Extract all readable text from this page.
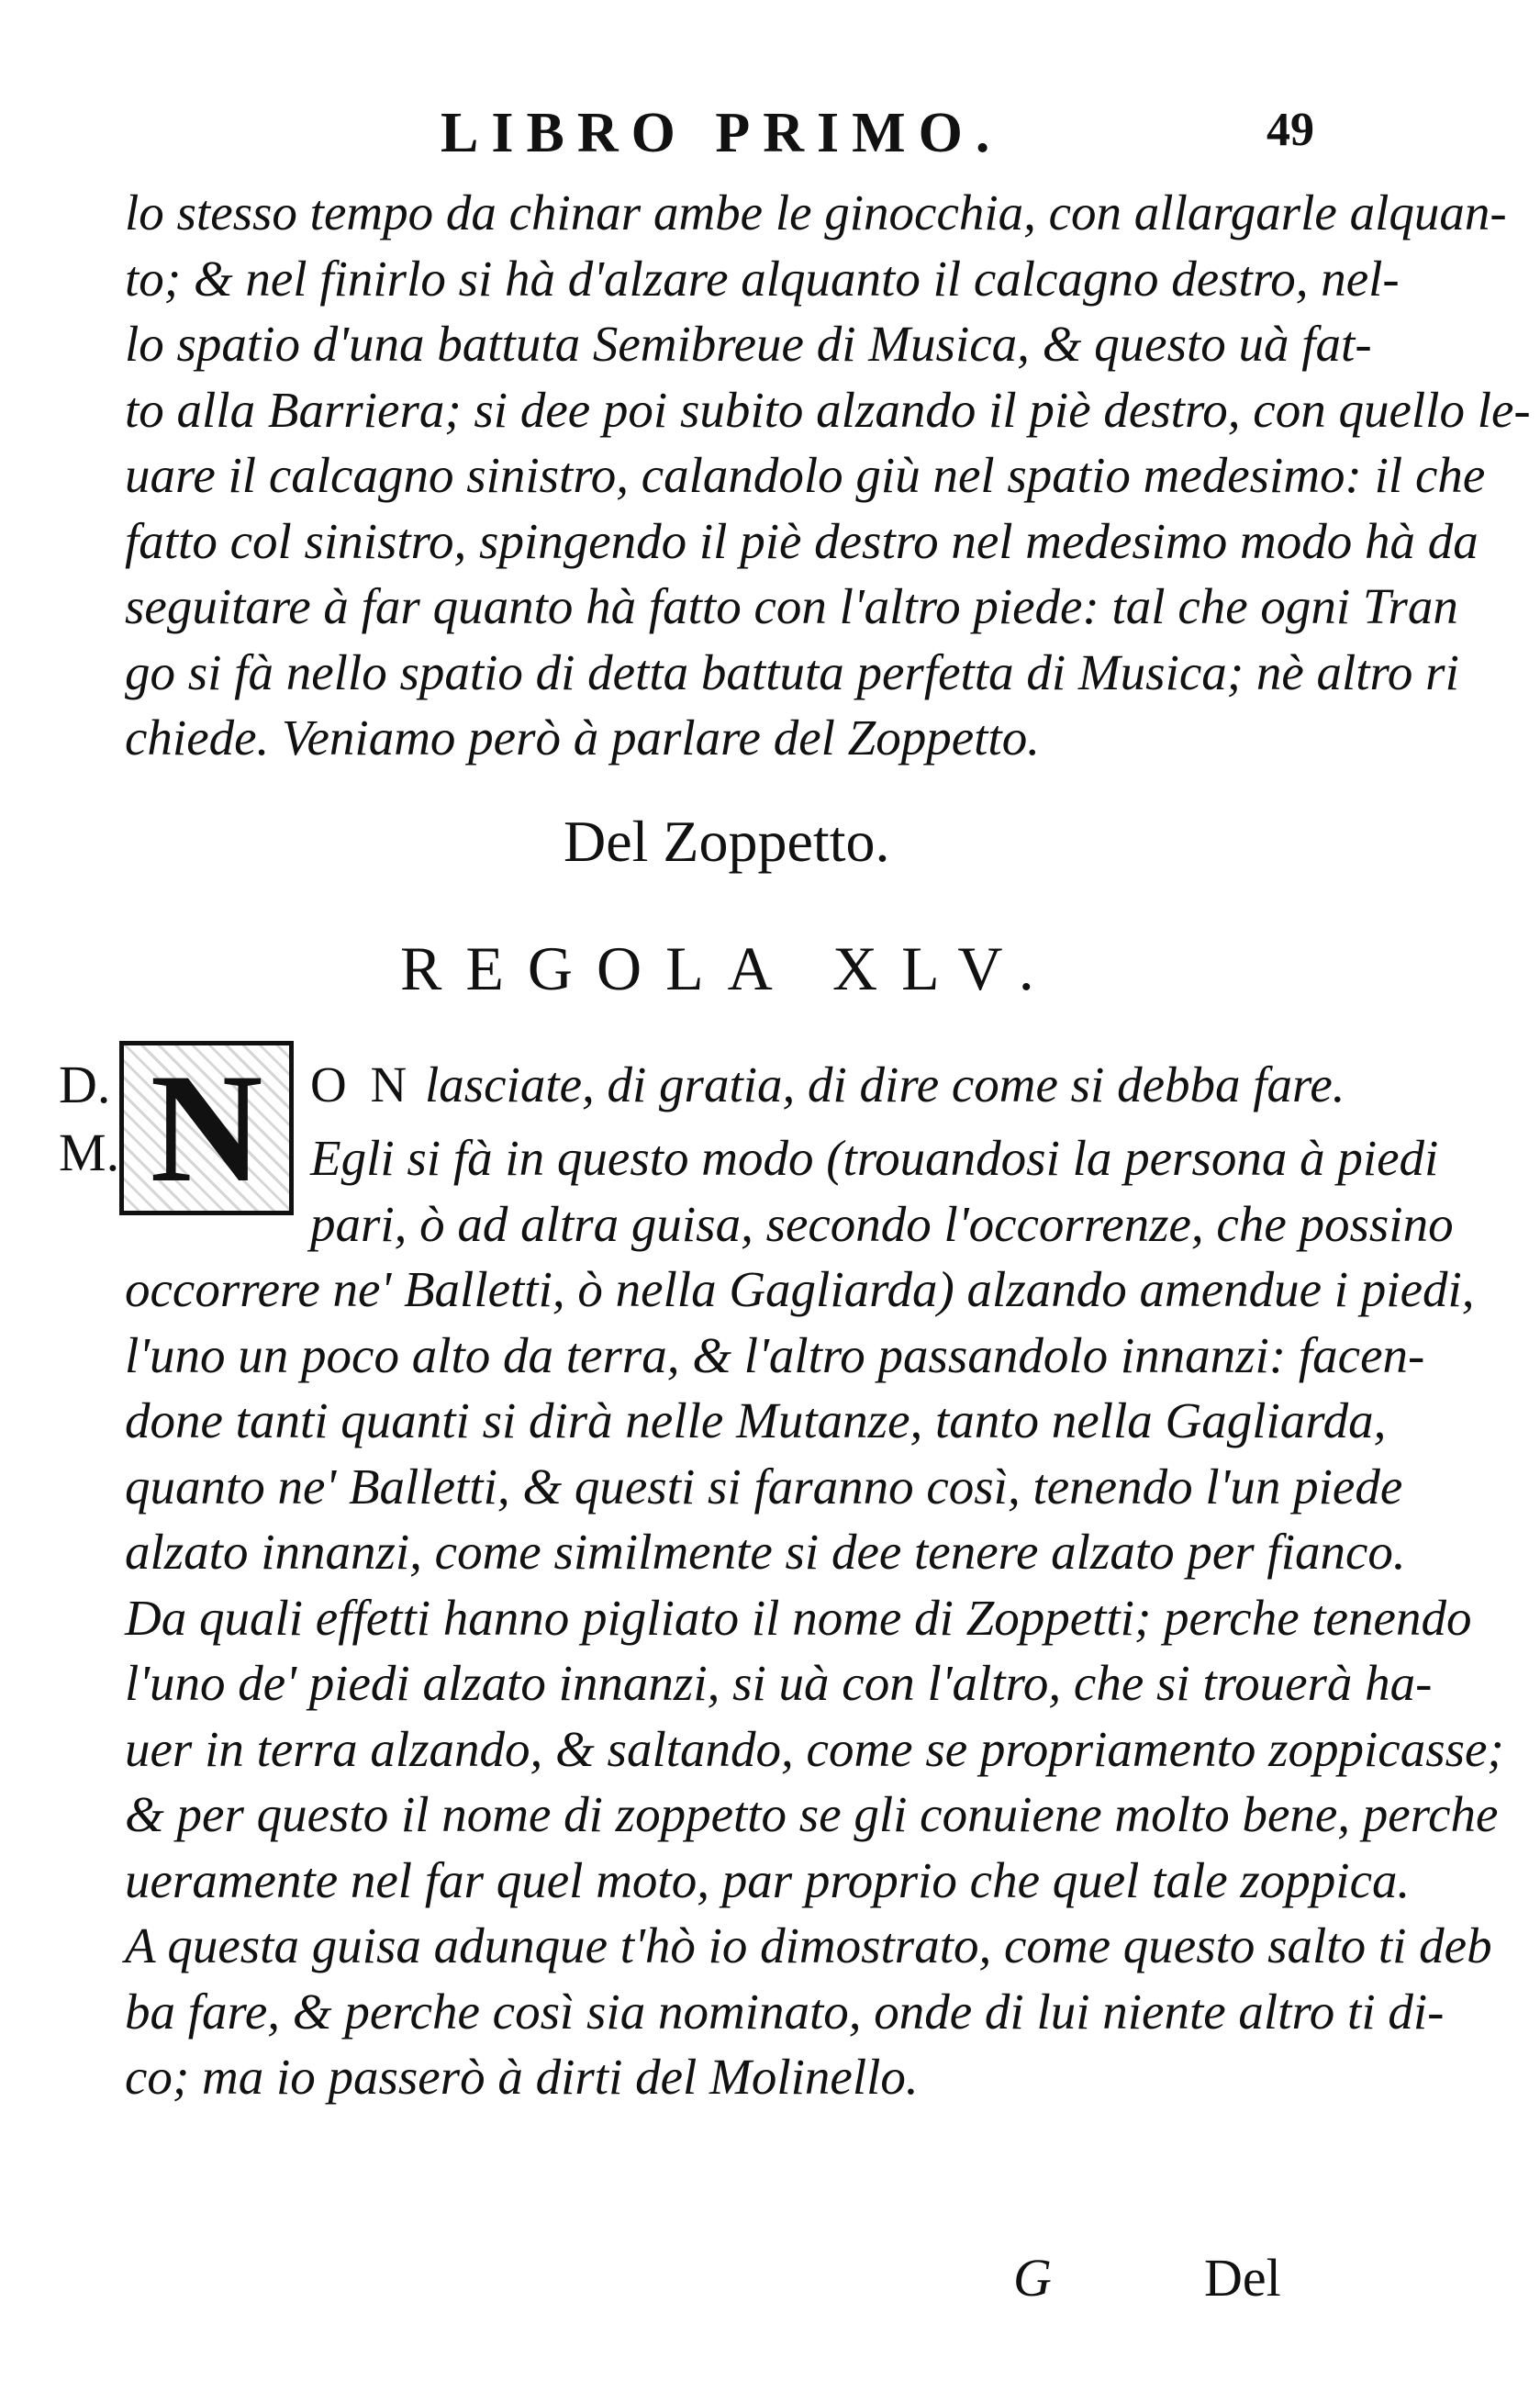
LIBRO PRIMO.	49
lo stesso tempo da chinar ambe le ginocchia, con allargarle alquan-
to; & nel finirlo si hà d'alzare alquanto il calcagno destro, nel-
lo spatio d'una battuta Semibreue di Musica, & questo uà fat-
to alla Barriera; si dee poi subito alzando il piè destro, con quello le-
uare il calcagno sinistro, calandolo giù nel spatio medesimo: il che
fatto col sinistro, spingendo il piè destro nel medesimo modo hà da
seguitare à far quanto hà fatto con l'altro piede: tal che ogni Tran
go si fà nello spatio di detta battuta perfetta di Musica; nè altro ri
chiede. Veniamo però à parlare del Zoppetto.
Del Zoppetto.
REGOLA XLV.
D.
M. N O N lasciate, di gratia, di dire come si debba fare.
Egli si fà in questo modo (trouandosi la persona à piedi
pari, ò ad altra guisa, secondo l'occorrenze, che possino
occorrere ne' Balletti, ò nella Gagliarda) alzando amendue i piedi,
l'uno un poco alto da terra, & l'altro passandolo innanzi: facen-
done tanti quanti si dirà nelle Mutanze, tanto nella Gagliarda,
quanto ne' Balletti, & questi si faranno così, tenendo l'un piede
alzato innanzi, come similmente si dee tenere alzato per fianco.
Da quali effetti hanno pigliato il nome di Zoppetti; perche tenendo
l'uno de' piedi alzato innanzi, si uà con l'altro, che si trouerà ha-
uer in terra alzando, & saltando, come se propriamento zoppicasse;
& per questo il nome di zoppetto se gli conuiene molto bene, perche
ueramente nel far quel moto, par proprio che quel tale zoppica.
A questa guisa adunque t'hò io dimostrato, come questo salto ti deb
ba fare, & perche così sia nominato, onde di lui niente altro ti di-
co; ma io passerò à dirti del Molinello.
G	Del
